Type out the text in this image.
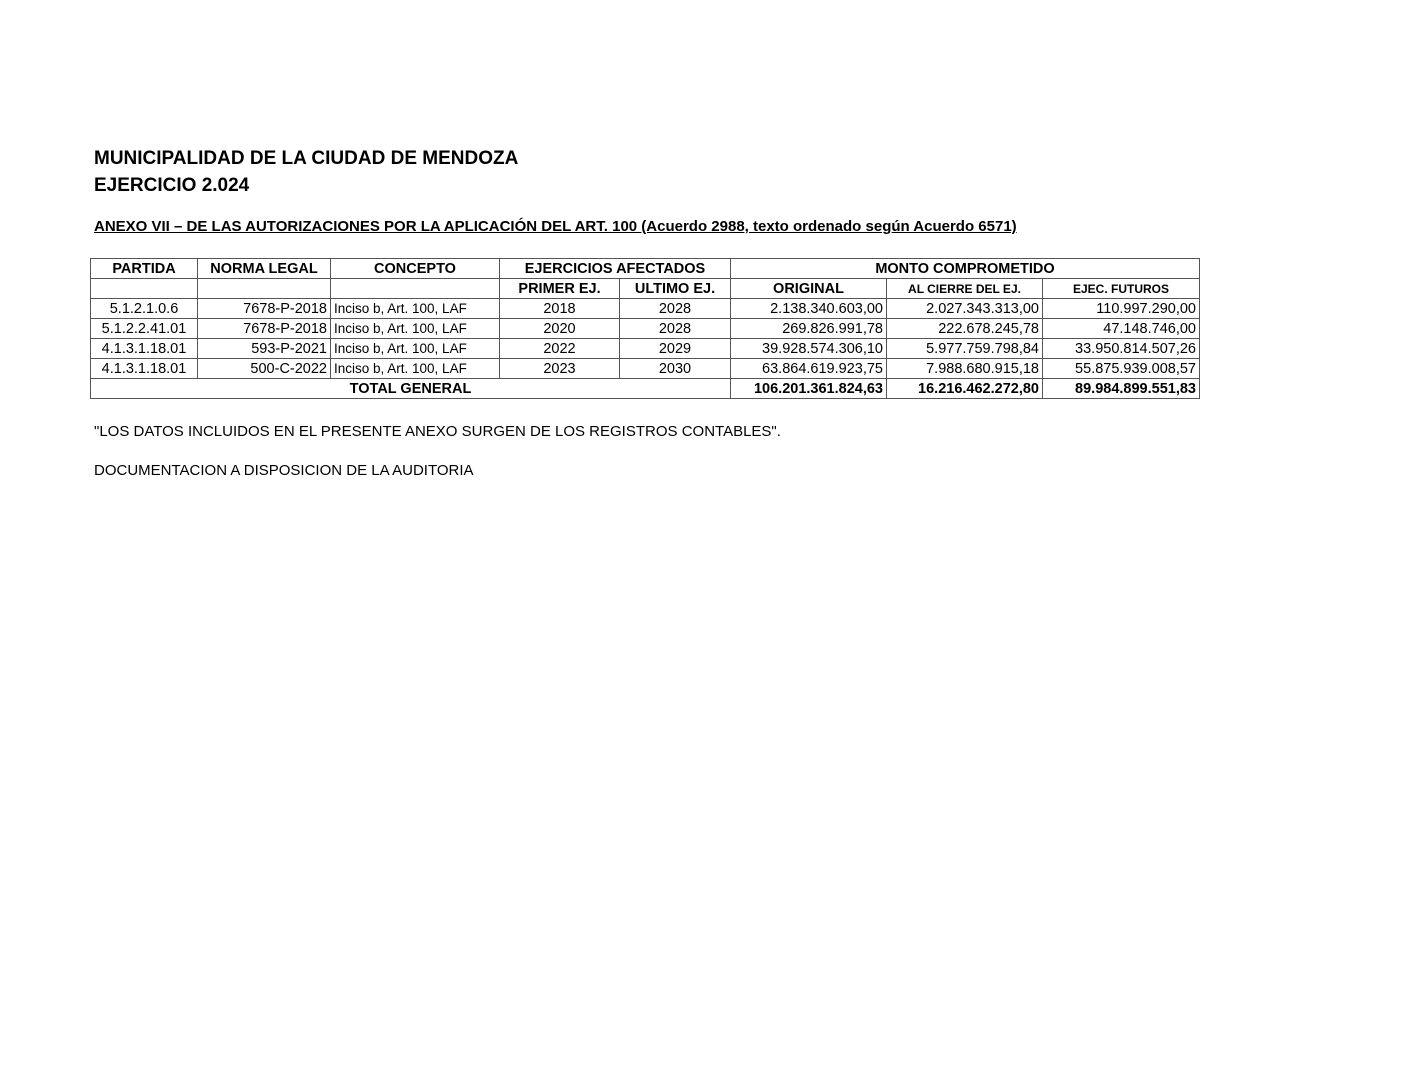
MUNICIPALIDAD DE LA CIUDAD DE MENDOZA
EJERCICIO 2.024
ANEXO VII – DE LAS AUTORIZACIONES POR LA APLICACIÓN DEL ART. 100 (Acuerdo 2988, texto ordenado según Acuerdo 6571)
PARTIDA	NORMA LEGAL	CONCEPTO	EJERCICIOS AFECTADOS		MONTO COMPROMETIDO		
			PRIMER EJ.	ULTIMO EJ.	ORIGINAL	AL CIERRE DEL EJ.	EJEC. FUTUROS
5.1.2.1.0.6	7678-P-2018	Inciso b, Art. 100, LAF	2018	2028	2.138.340.603,00	2.027.343.313,00	110.997.290,00
5.1.2.2.41.01	7678-P-2018	Inciso b, Art. 100, LAF	2020	2028	269.826.991,78	222.678.245,78	47.148.746,00
4.1.3.1.18.01	593-P-2021	Inciso b, Art. 100, LAF	2022	2029	39.928.574.306,10	5.977.759.798,84	33.950.814.507,26
4.1.3.1.18.01	500-C-2022	Inciso b, Art. 100, LAF	2023	2030	63.864.619.923,75	7.988.680.915,18	55.875.939.008,57
TOTAL GENERAL					106.201.361.824,63	16.216.462.272,80	89.984.899.551,83
"LOS DATOS INCLUIDOS EN EL PRESENTE ANEXO SURGEN DE LOS REGISTROS CONTABLES".
DOCUMENTACION A DISPOSICION DE LA AUDITORIA
